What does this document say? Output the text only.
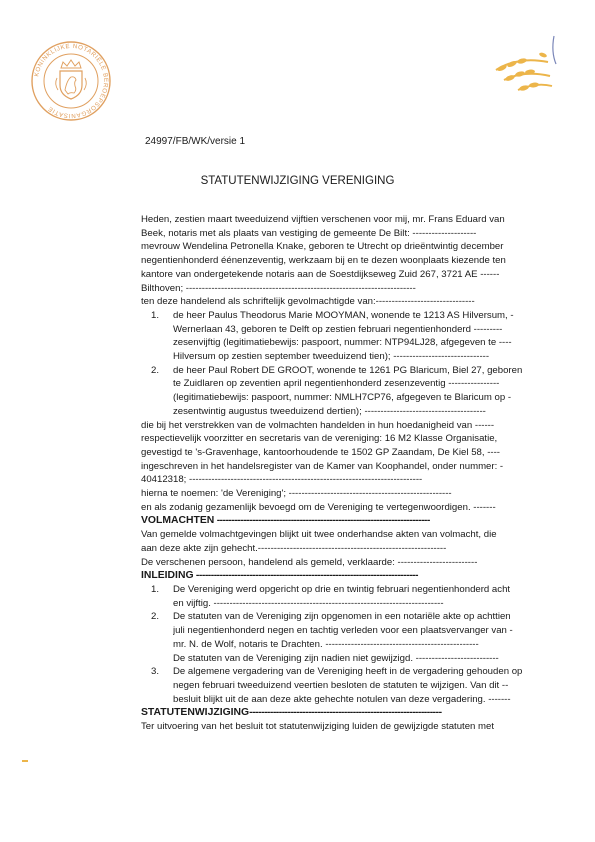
KONINKLIJKE NOTARIËLE BEROEPSORGANISATIE
24997/FB/WK/versie 1
STATUTENWIJZIGING VERENIGING

Heden, zestien maart tweeduizend vijftien verschenen voor mij, mr. Frans Eduard van

Beek, notaris met als plaats van vestiging de gemeente De Bilt: --------------------

mevrouw Wendelina Petronella Knake, geboren te Utrecht op drieëntwintig december

negentienhonderd éénenzeventig, werkzaam bij en te dezen woonplaats kiezende ten

kantore van ondergetekende notaris aan de Soestdijkseweg Zuid 267, 3721 AE ------

Bilthoven; ------------------------------------------------------------------------

ten deze handelend als schriftelijk gevolmachtigde van:-------------------------------

1. de heer Paulus Theodorus Marie MOOYMAN, wonende te 1213 AS Hilversum, -

Wernerlaan 43, geboren te Delft op zestien februari negentienhonderd ---------

zesenvijftig (legitimatiebewijs: paspoort, nummer: NTP94LJ28, afgegeven te ----

Hilversum op zestien september tweeduizend tien); ------------------------------

2. de heer Paul Robert DE GROOT, wonende te 1261 PG Blaricum, Biel 27, geboren

te Zuidlaren op zeventien april negentienhonderd zesenzeventig ----------------

(legitimatiebewijs: paspoort, nummer: NMLH7CP76, afgegeven te Blaricum op -

zesentwintig augustus tweeduizend dertien); --------------------------------------

die bij het verstrekken van de volmachten handelden in hun hoedanigheid van ------

respectievelijk voorzitter en secretaris van de vereniging: 16 M2 Klasse Organisatie,

gevestigd te 's-Gravenhage, kantoorhoudende te 1502 GP Zaandam, De Kiel 58, ----

ingeschreven in het handelsregister van de Kamer van Koophandel, onder nummer: -

40412318; -------------------------------------------------------------------------

hierna te noemen: 'de Vereniging'; ---------------------------------------------------

en als zodanig gezamenlijk bevoegd om de Vereniging te vertegenwoordigen. -------

VOLMACHTEN ------------------------------------------------------------------------

Van gemelde volmachtgevingen blijkt uit twee onderhandse akten van volmacht, die

aan deze akte zijn gehecht.-----------------------------------------------------------

De verschenen persoon, handelend als gemeld, verklaarde: -------------------------

INLEIDING ---------------------------------------------------------------------------

1. De Vereniging werd opgericht op drie en twintig februari negentienhonderd acht

en vijftig. ------------------------------------------------------------------------

2. De statuten van de Vereniging zijn opgenomen in een notariële akte op achttien

juli negentienhonderd negen en tachtig verleden voor een plaatsvervanger van -

mr. N. de Wolf, notaris te Drachten. ------------------------------------------------

De statuten van de Vereniging zijn nadien niet gewijzigd. --------------------------

3. De algemene vergadering van de Vereniging heeft in de vergadering gehouden op

negen februari tweeduizend veertien besloten de statuten te wijzigen. Van dit --

besluit blijkt uit de aan deze akte gehechte notulen van deze vergadering. -------

STATUTENWIJZIGING-----------------------------------------------------------------

Ter uitvoering van het besluit tot statutenwijziging luiden de gewijzigde statuten met
